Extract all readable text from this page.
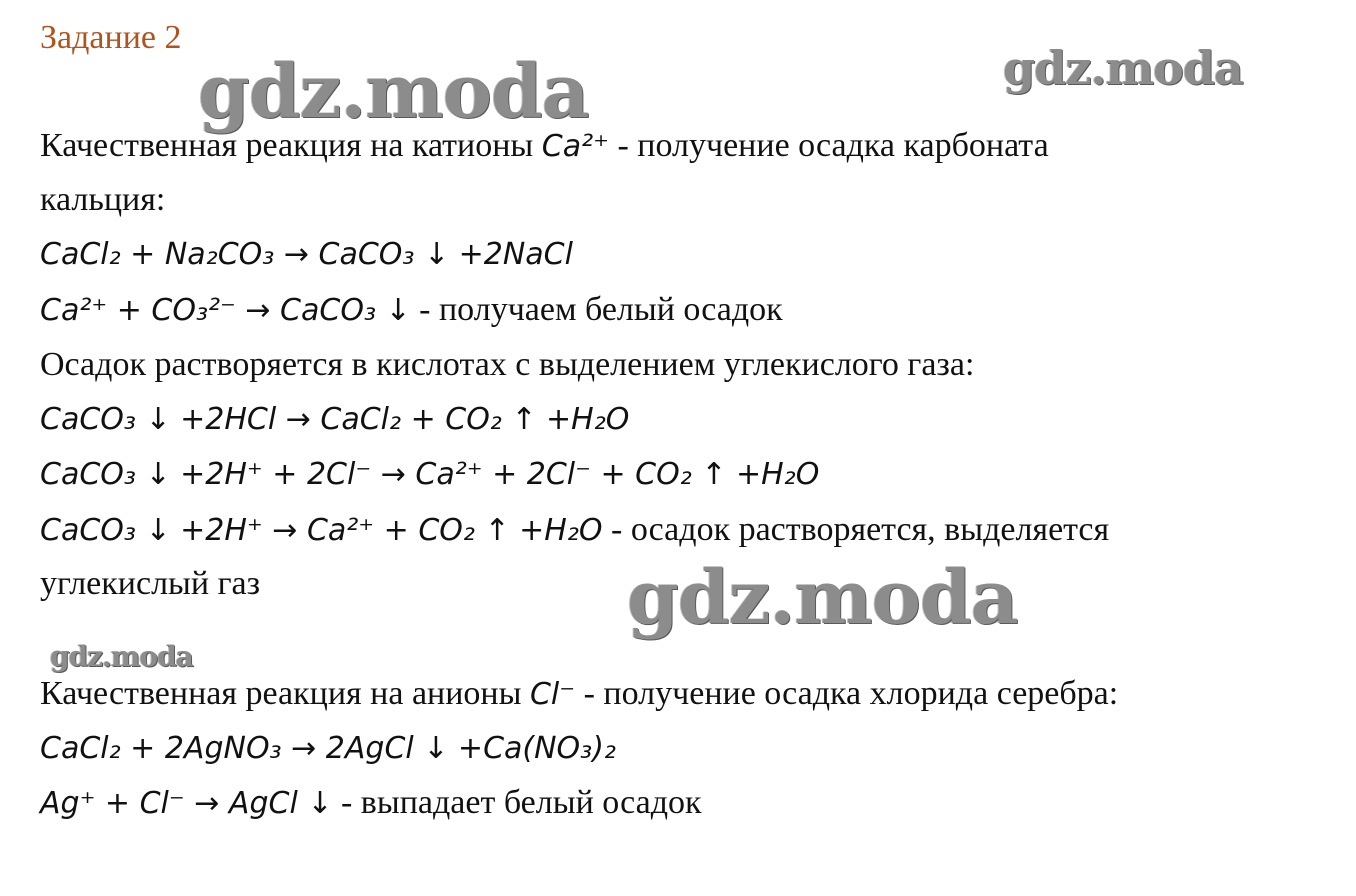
gdz.moda	gdz.moda
gdz.moda
gdz.moda
Задание 2
Качественная реакция на катионы Ca²⁺ - получение осадка карбоната
кальция:
CaCl₂ + Na₂CO₃ → CaCO₃ ↓ +2NaCl
Ca²⁺ + CO₃²⁻ → CaCO₃ ↓ - получаем белый осадок
Осадок растворяется в кислотах с выделением углекислого газа:
CaCO₃ ↓ +2HCl → CaCl₂ + CO₂ ↑ +H₂O
CaCO₃ ↓ +2H⁺ + 2Cl⁻ → Ca²⁺ + 2Cl⁻ + CO₂ ↑ +H₂O
CaCO₃ ↓ +2H⁺ → Ca²⁺ + CO₂ ↑ +H₂O - осадок растворяется, выделяется
углекислый газ
Качественная реакция на анионы Cl⁻ - получение осадка хлорида серебра:
CaCl₂ + 2AgNO₃ → 2AgCl ↓ +Ca(NO₃)₂
Ag⁺ + Cl⁻ → AgCl ↓ - выпадает белый осадок
